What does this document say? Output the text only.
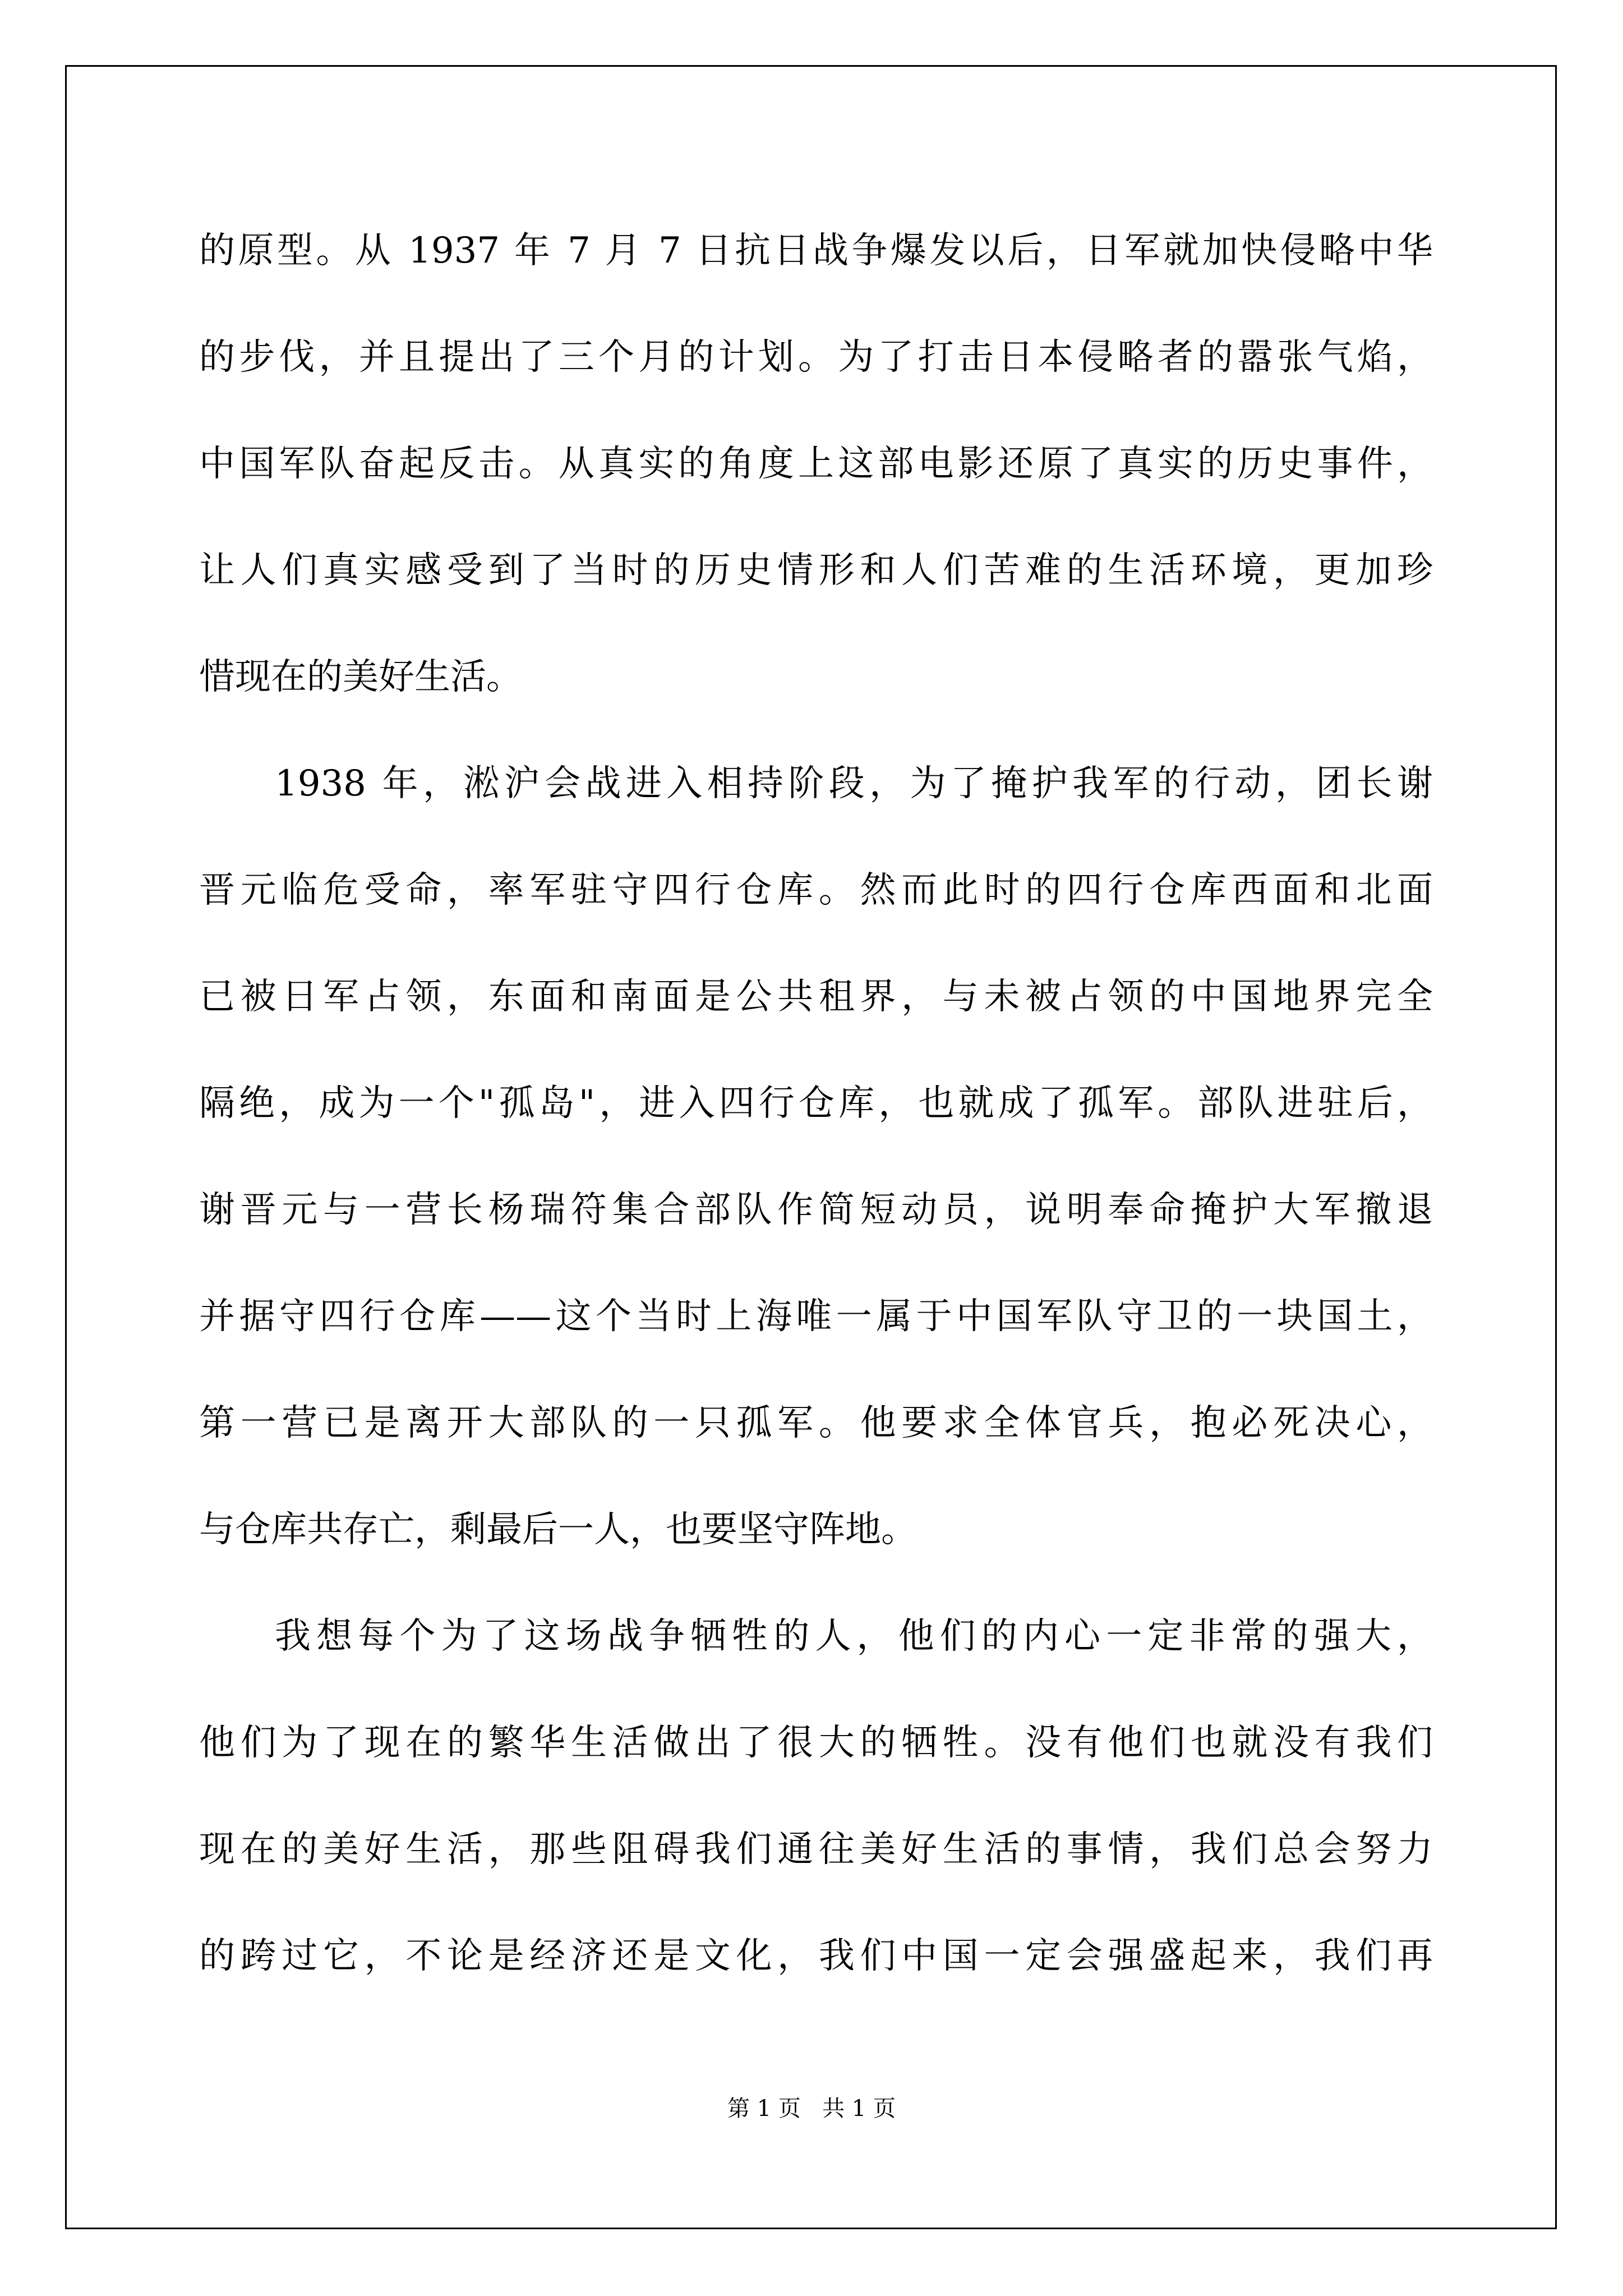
的原型。从 1937 年 7 月 7 日抗日战争爆发以后，日军就加快侵略中华

的步伐，并且提出了三个月的计划。为了打击日本侵略者的嚣张气焰，

中国军队奋起反击。从真实的角度上这部电影还原了真实的历史事件，

让人们真实感受到了当时的历史情形和人们苦难的生活环境，更加珍

惜现在的美好生活。

1938 年，淞沪会战进入相持阶段，为了掩护我军的行动，团长谢

晋元临危受命，率军驻守四行仓库。然而此时的四行仓库西面和北面

已被日军占领，东面和南面是公共租界，与未被占领的中国地界完全

隔绝，成为一个"孤岛"，进入四行仓库，也就成了孤军。部队进驻后，

谢晋元与一营长杨瑞符集合部队作简短动员，说明奉命掩护大军撤退

并据守四行仓库——这个当时上海唯一属于中国军队守卫的一块国土，

第一营已是离开大部队的一只孤军。他要求全体官兵，抱必死决心，

与仓库共存亡，剩最后一人，也要坚守阵地。

我想每个为了这场战争牺牲的人，他们的内心一定非常的强大，

他们为了现在的繁华生活做出了很大的牺牲。没有他们也就没有我们

现在的美好生活，那些阻碍我们通往美好生活的事情，我们总会努力

的跨过它，不论是经济还是文化，我们中国一定会强盛起来，我们再

第 1 页   共 1 页
